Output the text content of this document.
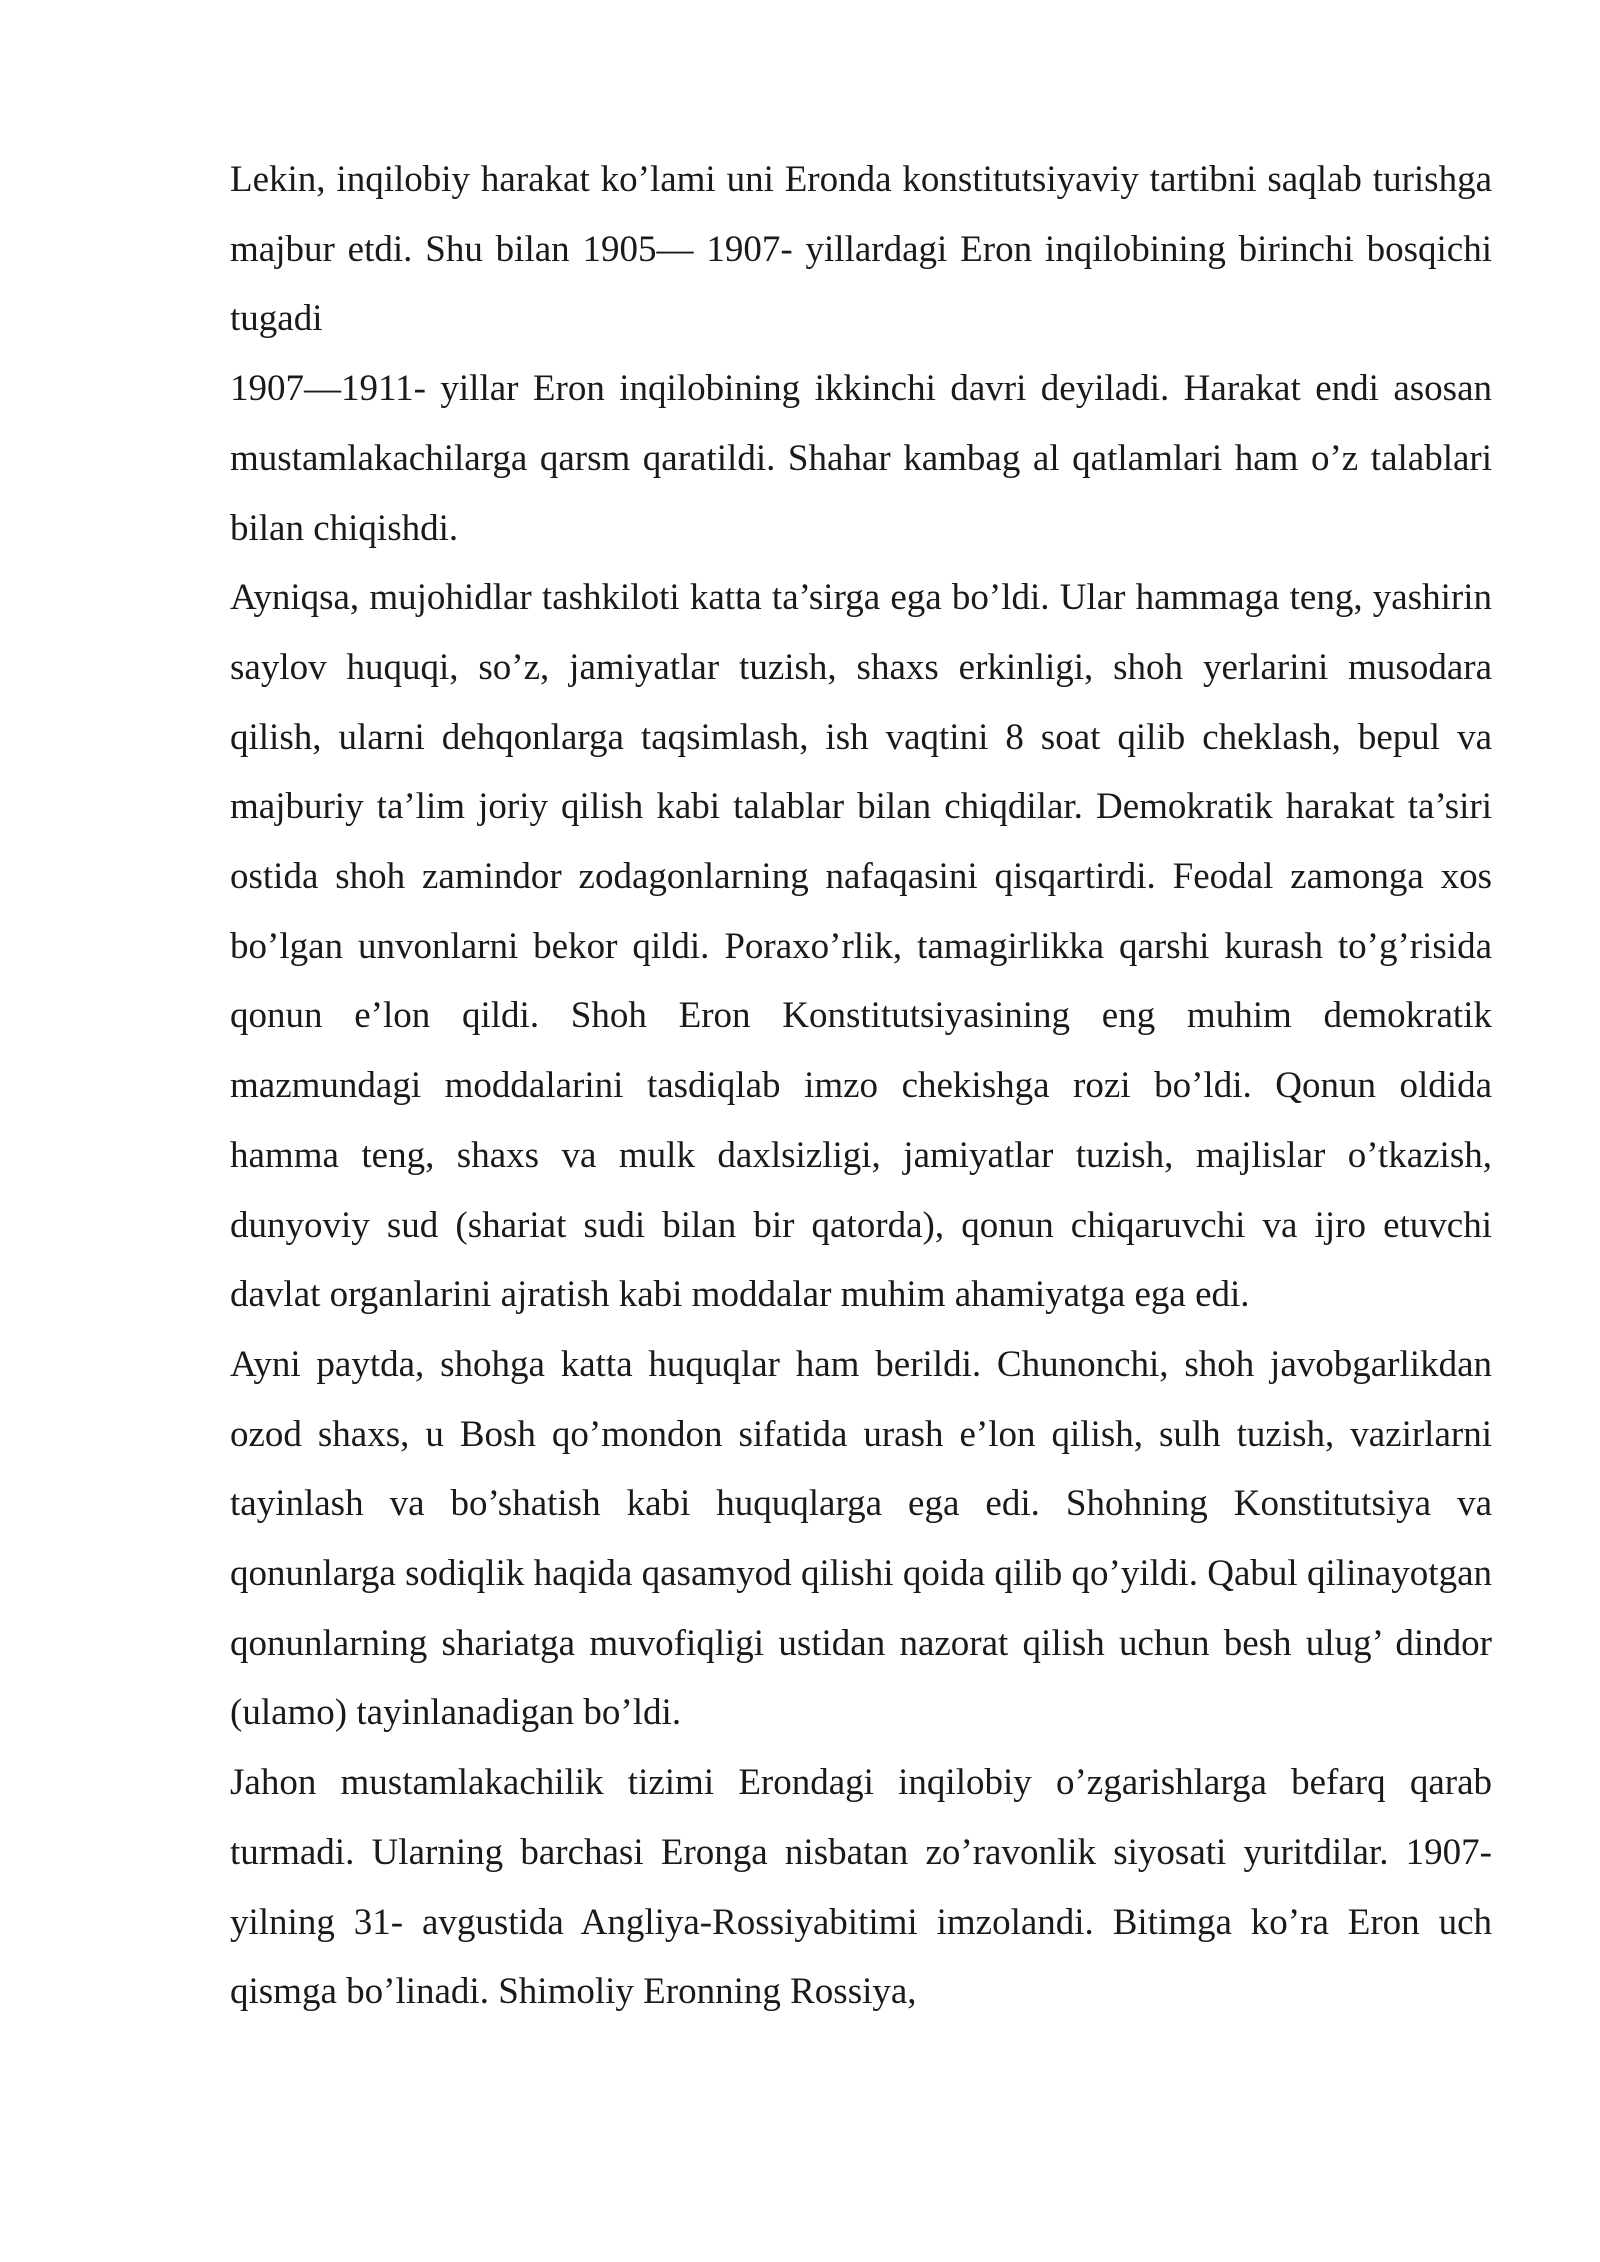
Lekin, inqilobiy harakat ko’lami uni Eronda konstitutsiyaviy tartibni saqlab turishga majbur etdi. Shu bilan 1905— 1907- yillardagi Eron inqilobining birinchi bosqichi tugadi

1907—1911- yillar Eron inqilobining ikkinchi davri deyiladi. Harakat endi asosan mustamlakachilarga qarsm qaratildi. Shahar kambag al qatlamlari ham o’z talablari bilan chiqishdi.

Ayniqsa, mujohidlar tashkiloti katta ta’sirga ega bo’ldi. Ular hammaga teng, yashirin saylov huquqi, so’z, jamiyatlar tuzish, shaxs erkinligi, shoh yerlarini musodara qilish, ularni dehqonlarga taqsimlash, ish vaqtini 8 soat qilib cheklash, bepul va majburiy ta’lim joriy qilish kabi talablar bilan chiqdilar. Demokratik harakat ta’siri ostida shoh zamindor zodagonlarning nafaqasini qisqartirdi. Feodal zamonga xos bo’lgan unvonlarni bekor qildi. Poraxo’rlik, tamagirlikka qarshi kurash to’g’risida qonun e’lon qildi. Shoh Eron Konstitutsiyasining eng muhim demokratik mazmundagi moddalarini tasdiqlab imzo chekishga rozi bo’ldi. Qonun oldida hamma teng, shaxs va mulk daxlsizligi, jamiyatlar tuzish, majlislar o’tkazish, dunyoviy sud (shariat sudi bilan bir qatorda), qonun chiqaruvchi va ijro etuvchi davlat organlarini ajratish kabi moddalar muhim ahamiyatga ega edi.

Ayni paytda, shohga katta huquqlar ham berildi. Chunonchi, shoh javobgarlikdan ozod shaxs, u Bosh qo’mondon sifatida urash e’lon qilish, sulh tuzish, vazirlarni tayinlash va bo’shatish kabi huquqlarga ega edi. Shohning Konstitutsiya va qonunlarga sodiqlik haqida qasamyod qilishi qoida qilib qo’yildi. Qabul qilinayotgan qonunlarning shariatga muvofiqligi ustidan nazorat qilish uchun besh ulug’ dindor (ulamo) tayinlanadigan bo’ldi.

Jahon mustamlakachilik tizimi Erondagi inqilobiy o’zgarishlarga befarq qarab turmadi. Ularning barchasi Eronga nisbatan zo’ravonlik siyosati yuritdilar. 1907- yilning 31- avgustida Angliya-Rossiyabitimi imzolandi. Bitimga ko’ra Eron uch qismga bo’linadi. Shimoliy Eronning Rossiya,
